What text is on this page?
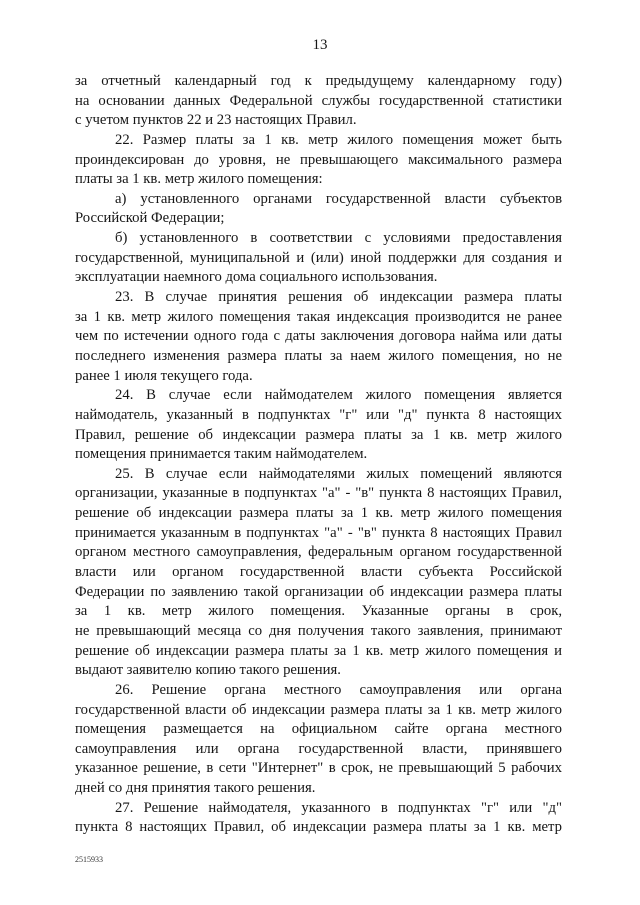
13
за отчетный календарный год к предыдущему календарному году)
на основании данных Федеральной службы государственной статистики
с учетом пунктов 22 и 23 настоящих Правил.
22. Размер платы за 1 кв. метр жилого помещения может быть
проиндексирован до уровня, не превышающего максимального размера
платы за 1 кв. метр жилого помещения:
а) установленного органами государственной власти субъектов
Российской Федерации;
б) установленного в соответствии с условиями предоставления
государственной, муниципальной и (или) иной поддержки для создания и
эксплуатации наемного дома социального использования.
23. В случае принятия решения об индексации размера платы
за 1 кв. метр жилого помещения такая индексация производится не ранее
чем по истечении одного года с даты заключения договора найма или даты
последнего изменения размера платы за наем жилого помещения, но не
ранее 1 июля текущего года.
24. В случае если наймодателем жилого помещения является
наймодатель, указанный в подпунктах "г" или "д" пункта 8 настоящих
Правил, решение об индексации размера платы за 1 кв. метр жилого
помещения принимается таким наймодателем.
25. В случае если наймодателями жилых помещений являются
организации, указанные в подпунктах "а" - "в" пункта 8 настоящих Правил,
решение об индексации размера платы за 1 кв. метр жилого помещения
принимается указанным в подпунктах "а" - "в" пункта 8 настоящих Правил
органом местного самоуправления, федеральным органом государственной
власти или органом государственной власти субъекта Российской
Федерации по заявлению такой организации об индексации размера платы
за 1 кв. метр жилого помещения. Указанные органы в срок,
не превышающий месяца со дня получения такого заявления, принимают
решение об индексации размера платы за 1 кв. метр жилого помещения и
выдают заявителю копию такого решения.
26. Решение органа местного самоуправления или органа
государственной власти об индексации размера платы за 1 кв. метр жилого
помещения размещается на официальном сайте органа местного
самоуправления или органа государственной власти, принявшего
указанное решение, в сети "Интернет" в срок, не превышающий 5 рабочих
дней со дня принятия такого решения.
27. Решение наймодателя, указанного в подпунктах "г" или "д"
пункта 8 настоящих Правил, об индексации размера платы за 1 кв. метр
2515933
